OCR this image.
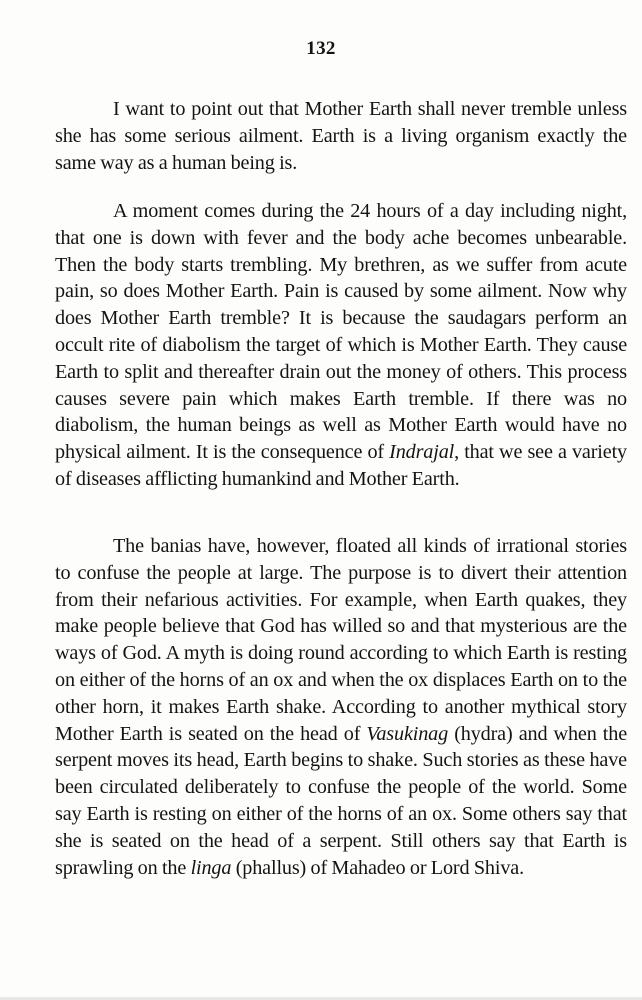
132

I want to point out that Mother Earth shall never tremble unless she has some serious ailment. Earth is a living organism exactly the same way as a human being is.

A moment comes during the 24 hours of a day including night, that one is down with fever and the body ache becomes unbearable. Then the body starts trembling. My brethren, as we suffer from acute pain, so does Mother Earth. Pain is caused by some ailment. Now why does Mother Earth tremble? It is because the saudagars perform an occult rite of diabolism the target of which is Mother Earth. They cause Earth to split and thereafter drain out the money of others. This process causes severe pain which makes Earth tremble. If there was no diabolism, the human beings as well as Mother Earth would have no physical ailment. It is the consequence of Indrajal, that we see a variety of diseases afflicting humankind and Mother Earth.

The banias have, however, floated all kinds of irrational stories to confuse the people at large. The purpose is to divert their attention from their nefarious activities. For example, when Earth quakes, they make people believe that God has willed so and that mysterious are the ways of God. A myth is doing round according to which Earth is resting on either of the horns of an ox and when the ox displaces Earth on to the other horn, it makes Earth shake. According to another mythical story Mother Earth is seated on the head of Vasukinag (hydra) and when the serpent moves its head, Earth begins to shake. Such stories as these have been circulated deliberately to confuse the people of the world. Some say Earth is resting on either of the horns of an ox. Some others say that she is seated on the head of a serpent. Still others say that Earth is sprawling on the linga (phallus) of Mahadeo or Lord Shiva.
